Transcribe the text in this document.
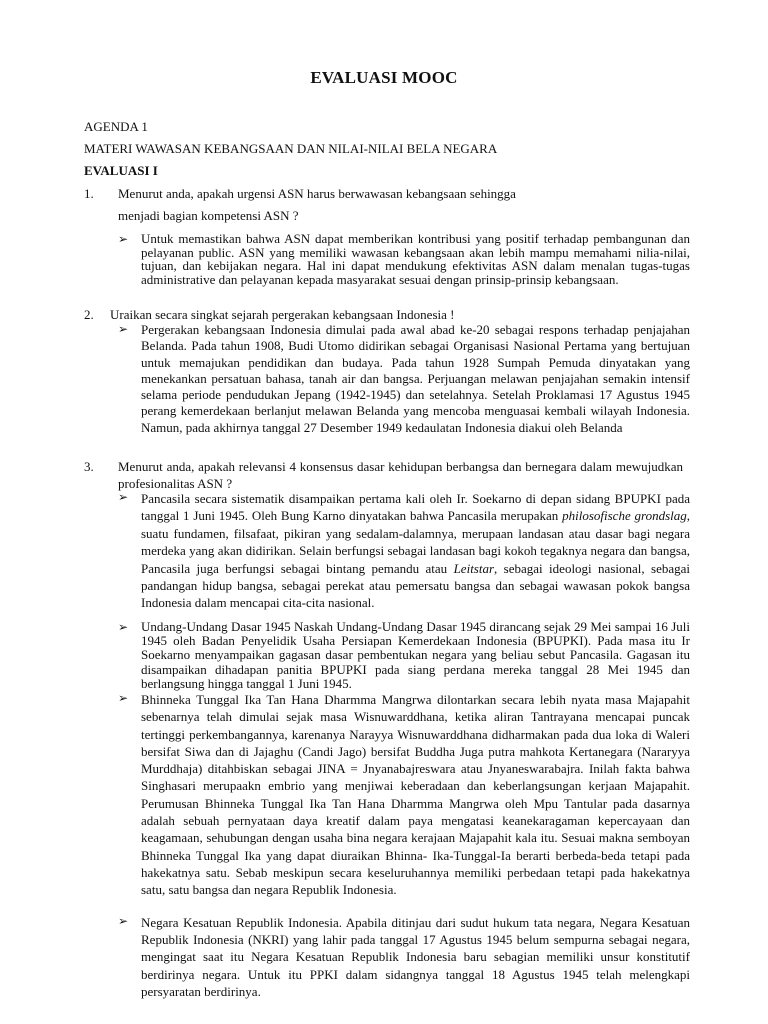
EVALUASI MOOC
AGENDA 1
MATERI WAWASAN KEBANGSAAN DAN NILAI-NILAI BELA NEGARA
EVALUASI I
1. Menurut anda, apakah urgensi ASN harus berwawasan kebangsaan sehingga
menjadi bagian kompetensi ASN ?
➢ Untuk memastikan bahwa ASN dapat memberikan kontribusi yang positif terhadap pembangunan dan pelayanan public. ASN yang memiliki wawasan kebangsaan akan lebih mampu memahami nilia-nilai, tujuan, dan kebijakan negara. Hal ini dapat mendukung efektivitas ASN dalam menalan tugas-tugas administrative dan pelayanan kepada masyarakat sesuai dengan prinsip-prinsip kebangsaan.
2. Uraikan secara singkat sejarah pergerakan kebangsaan Indonesia !
➢ Pergerakan kebangsaan Indonesia dimulai pada awal abad ke-20 sebagai respons terhadap penjajahan Belanda. Pada tahun 1908, Budi Utomo didirikan sebagai Organisasi Nasional Pertama yang bertujuan untuk memajukan pendidikan dan budaya. Pada tahun 1928 Sumpah Pemuda dinyatakan yang menekankan persatuan bahasa, tanah air dan bangsa. Perjuangan melawan penjajahan semakin intensif selama periode pendudukan Jepang (1942-1945) dan setelahnya. Setelah Proklamasi 17 Agustus 1945 perang kemerdekaan berlanjut melawan Belanda yang mencoba menguasai kembali wilayah Indonesia. Namun, pada akhirnya tanggal 27 Desember 1949 kedaulatan Indonesia diakui oleh Belanda
3. Menurut anda, apakah relevansi 4 konsensus dasar kehidupan berbangsa dan bernegara dalam mewujudkan profesionalitas ASN ?
➢ Pancasila secara sistematik disampaikan pertama kali oleh Ir. Soekarno di depan sidang BPUPKI pada tanggal 1 Juni 1945. Oleh Bung Karno dinyatakan bahwa Pancasila merupakan philosofische grondslag, suatu fundamen, filsafaat, pikiran yang sedalam-dalamnya, merupaan landasan atau dasar bagi negara merdeka yang akan didirikan. Selain berfungsi sebagai landasan bagi kokoh tegaknya negara dan bangsa, Pancasila juga berfungsi sebagai bintang pemandu atau Leitstar, sebagai ideologi nasional, sebagai pandangan hidup bangsa, sebagai perekat atau pemersatu bangsa dan sebagai wawasan pokok bangsa Indonesia dalam mencapai cita-cita nasional.
➢ Undang-Undang Dasar 1945 Naskah Undang-Undang Dasar 1945 dirancang sejak 29 Mei sampai 16 Juli 1945 oleh Badan Penyelidik Usaha Persiapan Kemerdekaan Indonesia (BPUPKI). Pada masa itu Ir Soekarno menyampaikan gagasan dasar pembentukan negara yang beliau sebut Pancasila. Gagasan itu disampaikan dihadapan panitia BPUPKI pada siang perdana mereka tanggal 28 Mei 1945 dan berlangsung hingga tanggal 1 Juni 1945.
➢ Bhinneka Tunggal Ika Tan Hana Dharmma Mangrwa dilontarkan secara lebih nyata masa Majapahit sebenarnya telah dimulai sejak masa Wisnuwarddhana, ketika aliran Tantrayana mencapai puncak tertinggi perkembangannya, karenanya Narayya Wisnuwarddhana didharmakan pada dua loka di Waleri bersifat Siwa dan di Jajaghu (Candi Jago) bersifat Buddha Juga putra mahkota Kertanegara (Nararyya Murddhaja) ditahbiskan sebagai JINA = Jnyanabajreswara atau Jnyaneswarabajra. Inilah fakta bahwa Singhasari merupaakn embrio yang menjiwai keberadaan dan keberlangsungan kerjaan Majapahit. Perumusan Bhinneka Tunggal Ika Tan Hana Dharmma Mangrwa oleh Mpu Tantular pada dasarnya adalah sebuah pernyataan daya kreatif dalam paya mengatasi keanekaragaman kepercayaan dan keagamaan, sehubungan dengan usaha bina negara kerajaan Majapahit kala itu. Sesuai makna semboyan Bhinneka Tunggal Ika yang dapat diuraikan Bhinna- Ika-Tunggal-Ia berarti berbeda-beda tetapi pada hakekatnya satu. Sebab meskipun secara keseluruhannya memiliki perbedaan tetapi pada hakekatnya satu, satu bangsa dan negara Republik Indonesia.
➢ Negara Kesatuan Republik Indonesia. Apabila ditinjau dari sudut hukum tata negara, Negara Kesatuan Republik Indonesia (NKRI) yang lahir pada tanggal 17 Agustus 1945 belum sempurna sebagai negara, mengingat saat itu Negara Kesatuan Republik Indonesia baru sebagian memiliki unsur konstitutif berdirinya negara. Untuk itu PPKI dalam sidangnya tanggal 18 Agustus 1945 telah melengkapi persyaratan berdirinya.
